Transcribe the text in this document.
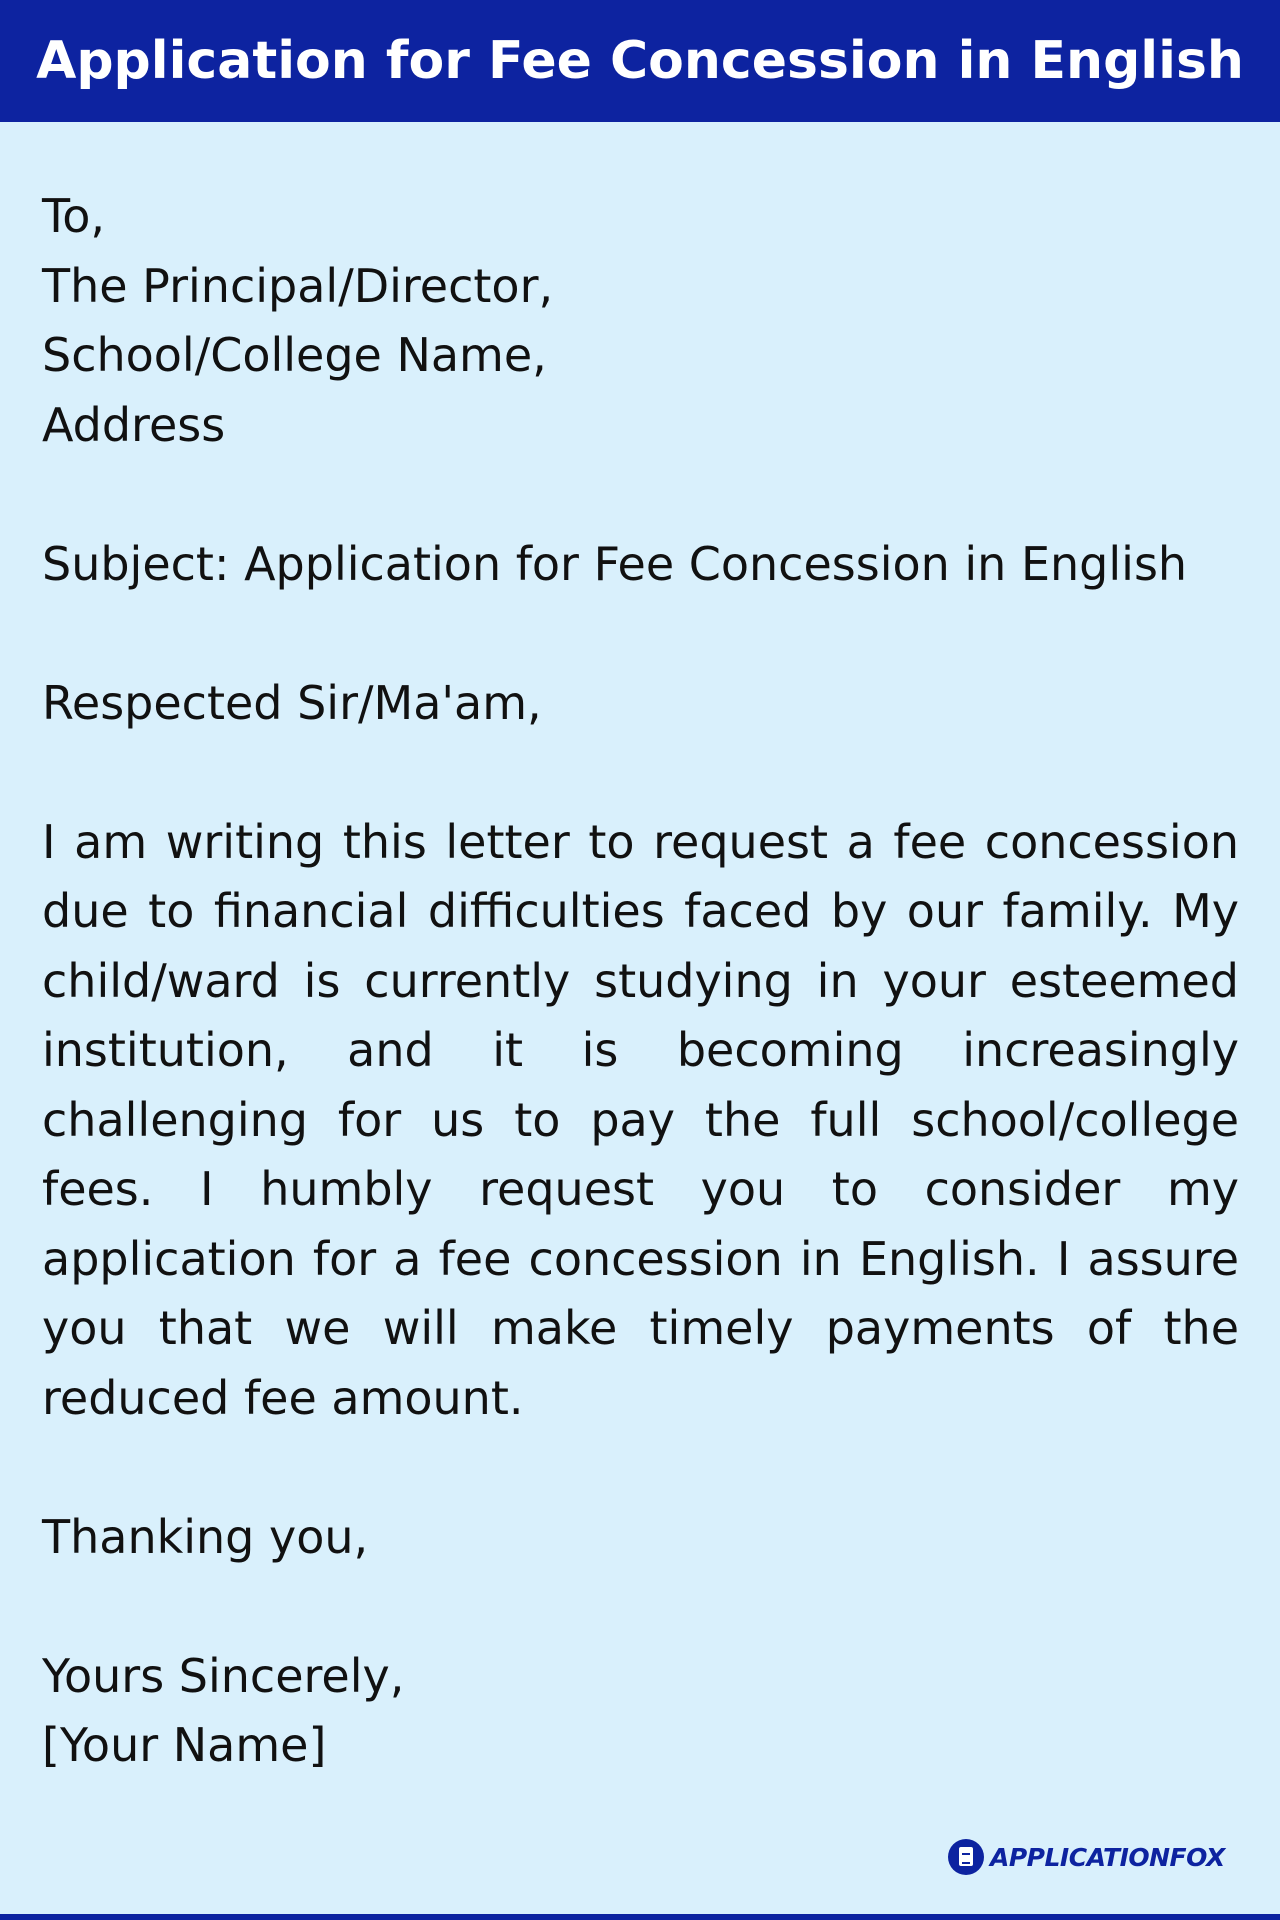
Application for Fee Concession in English
To,
The Principal/Director,
School/College Name,
Address
Subject: Application for Fee Concession in English
Respected Sir/Ma'am,
I am writing this letter to request a fee concession due to financial difficulties faced by our family. My child/ward is currently studying in your esteemed institution, and it is becoming increasingly challenging for us to pay the full school/college fees. I humbly request you to consider my application for a fee concession in English. I assure you that we will make timely payments of the reduced fee amount.
Thanking you,
Yours Sincerely,
[Your Name]
APPLICATIONFOX
